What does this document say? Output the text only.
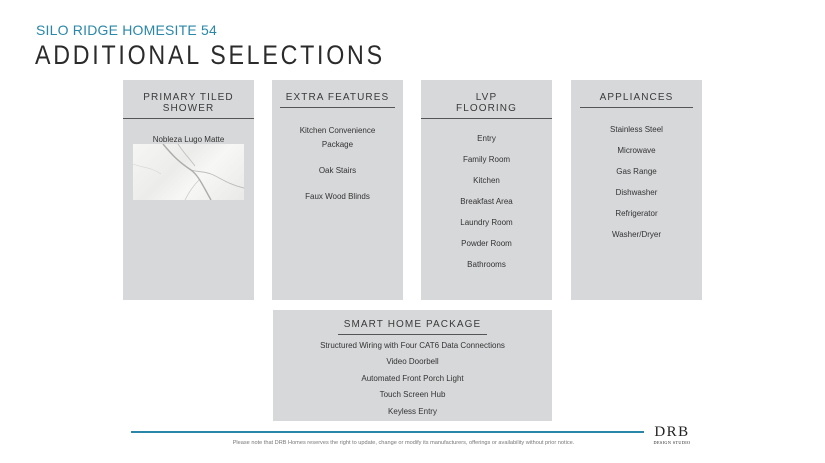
SILO RIDGE HOMESITE 54
ADDITIONAL SELECTIONS
PRIMARY TILED SHOWER
Nobleza Lugo Matte
EXTRA FEATURES
Kitchen Convenience
Package
Oak Stairs
Faux Wood Blinds
LVP FLOORING
Entry
Family Room
Kitchen
Breakfast Area
Laundry Room
Powder Room
Bathrooms
APPLIANCES
Stainless Steel
Microwave
Gas Range
Dishwasher
Refrigerator
Washer/Dryer
SMART HOME PACKAGE
Structured Wiring with Four CAT6 Data Connections
Video Doorbell
Automated Front Porch Light
Touch Screen Hub
Keyless Entry
Please note that DRB Homes reserves the right to update, change or modify its manufacturers, offerings or availability without prior notice.
DRB
DESIGN STUDIO
